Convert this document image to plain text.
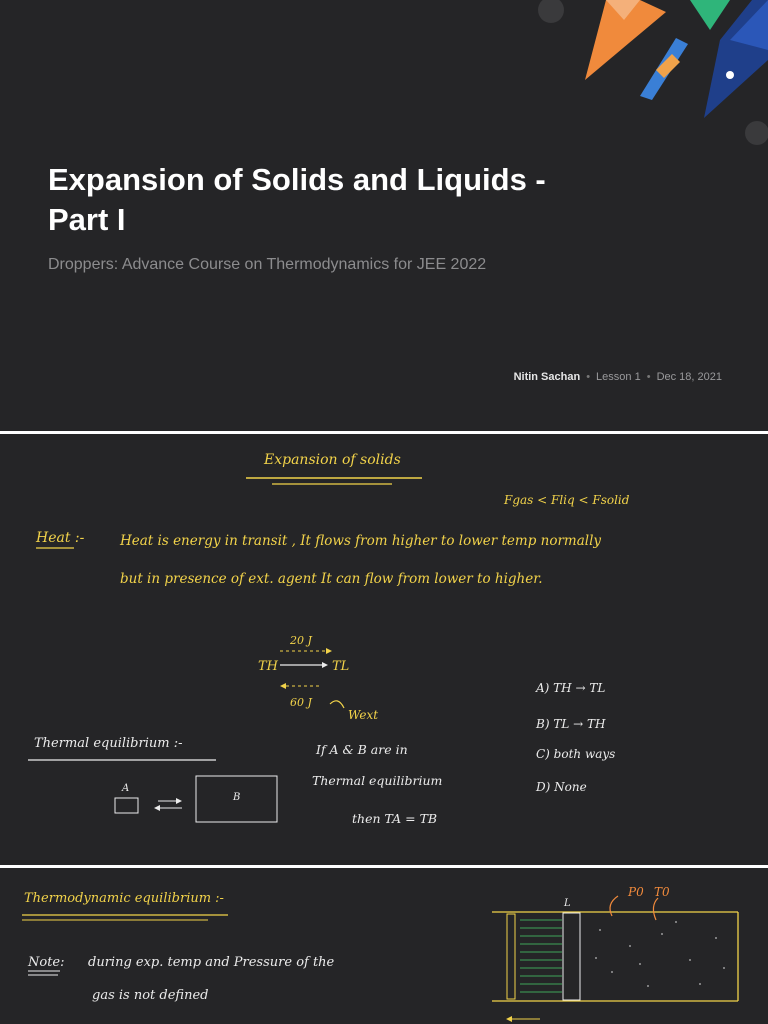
Expansion of Solids and Liquids - Part I
Droppers: Advance Course on Thermodynamics for JEE 2022
Nitin Sachan • Lesson 1 • Dec 18, 2021
Expansion of solids
Fgas < Fliq < Fsolid
Heat :-	Heat is energy in transit , It flows from higher to lower temp normally
but in presence of ext. agent It can flow from lower to higher.
20 J
TH	TL
60 J
Wext
A) TH → TL
B) TL → TH
C) both ways
D) None
Thermal equilibrium :-
A
B
If A & B are in
Thermal equilibrium
then TA = TB
Thermodynamic equilibrium :-
Note: during exp. temp and Pressure of the
gas is not defined
L
P0 T0
